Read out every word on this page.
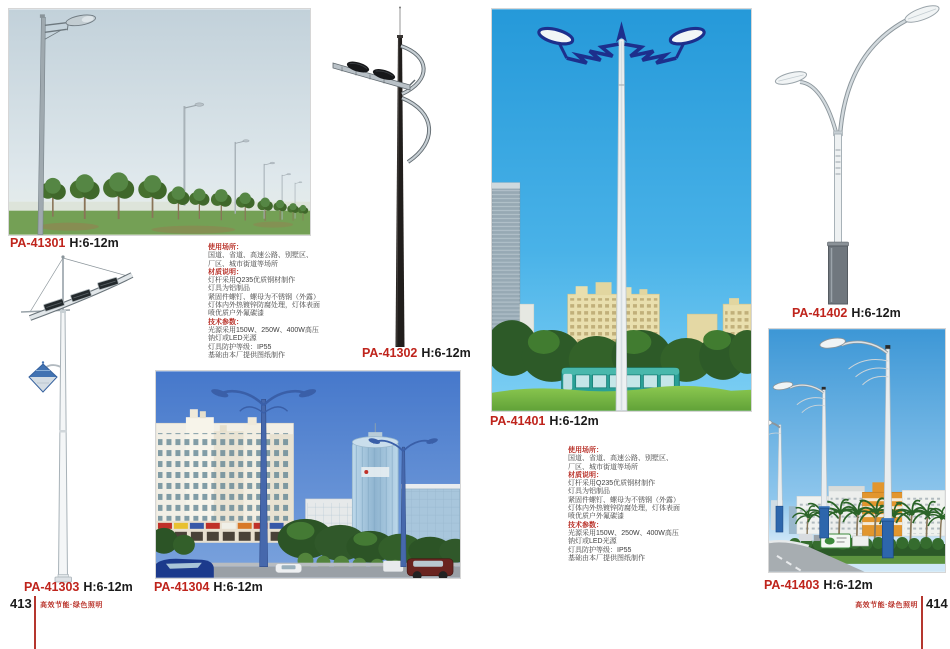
PA-41301 H:6-12m
PA-41302 H:6-12m
使用场所：
国道、省道、高速公路、别墅区、
厂区、城市街道等场所
材质说明：
灯杆采用Q235优质钢材制作
灯具为铝制品
紧固件螺钉、螺母为不锈钢（外露）
灯体内外热镀锌防腐处理，灯体表面
喷优质户外氟碳漆
技术参数：
光源采用150W、250W、400W高压
钠灯或LED光源
灯具防护等级：IP55
基础由本厂提供图纸制作
PA-41303 H:6-12m PA-41304 H:6-12m
413 高效节能·绿色照明
PA-41401 H:6-12m
使用场所：
国道、省道、高速公路、别墅区、
厂区、城市街道等场所
材质说明：
灯杆采用Q235优质钢材制作
灯具为铝制品
紧固件螺钉、螺母为不锈钢（外露）
灯体内外热镀锌防腐处理，灯体表面
喷优质户外氟碳漆
技术参数：
光源采用150W、250W、400W高压
钠灯或LED光源
灯具防护等级：IP55
基础由本厂提供图纸制作
PA-41402 H:6-12m
PA-41403 H:6-12m
高效节能·绿色照明 414
